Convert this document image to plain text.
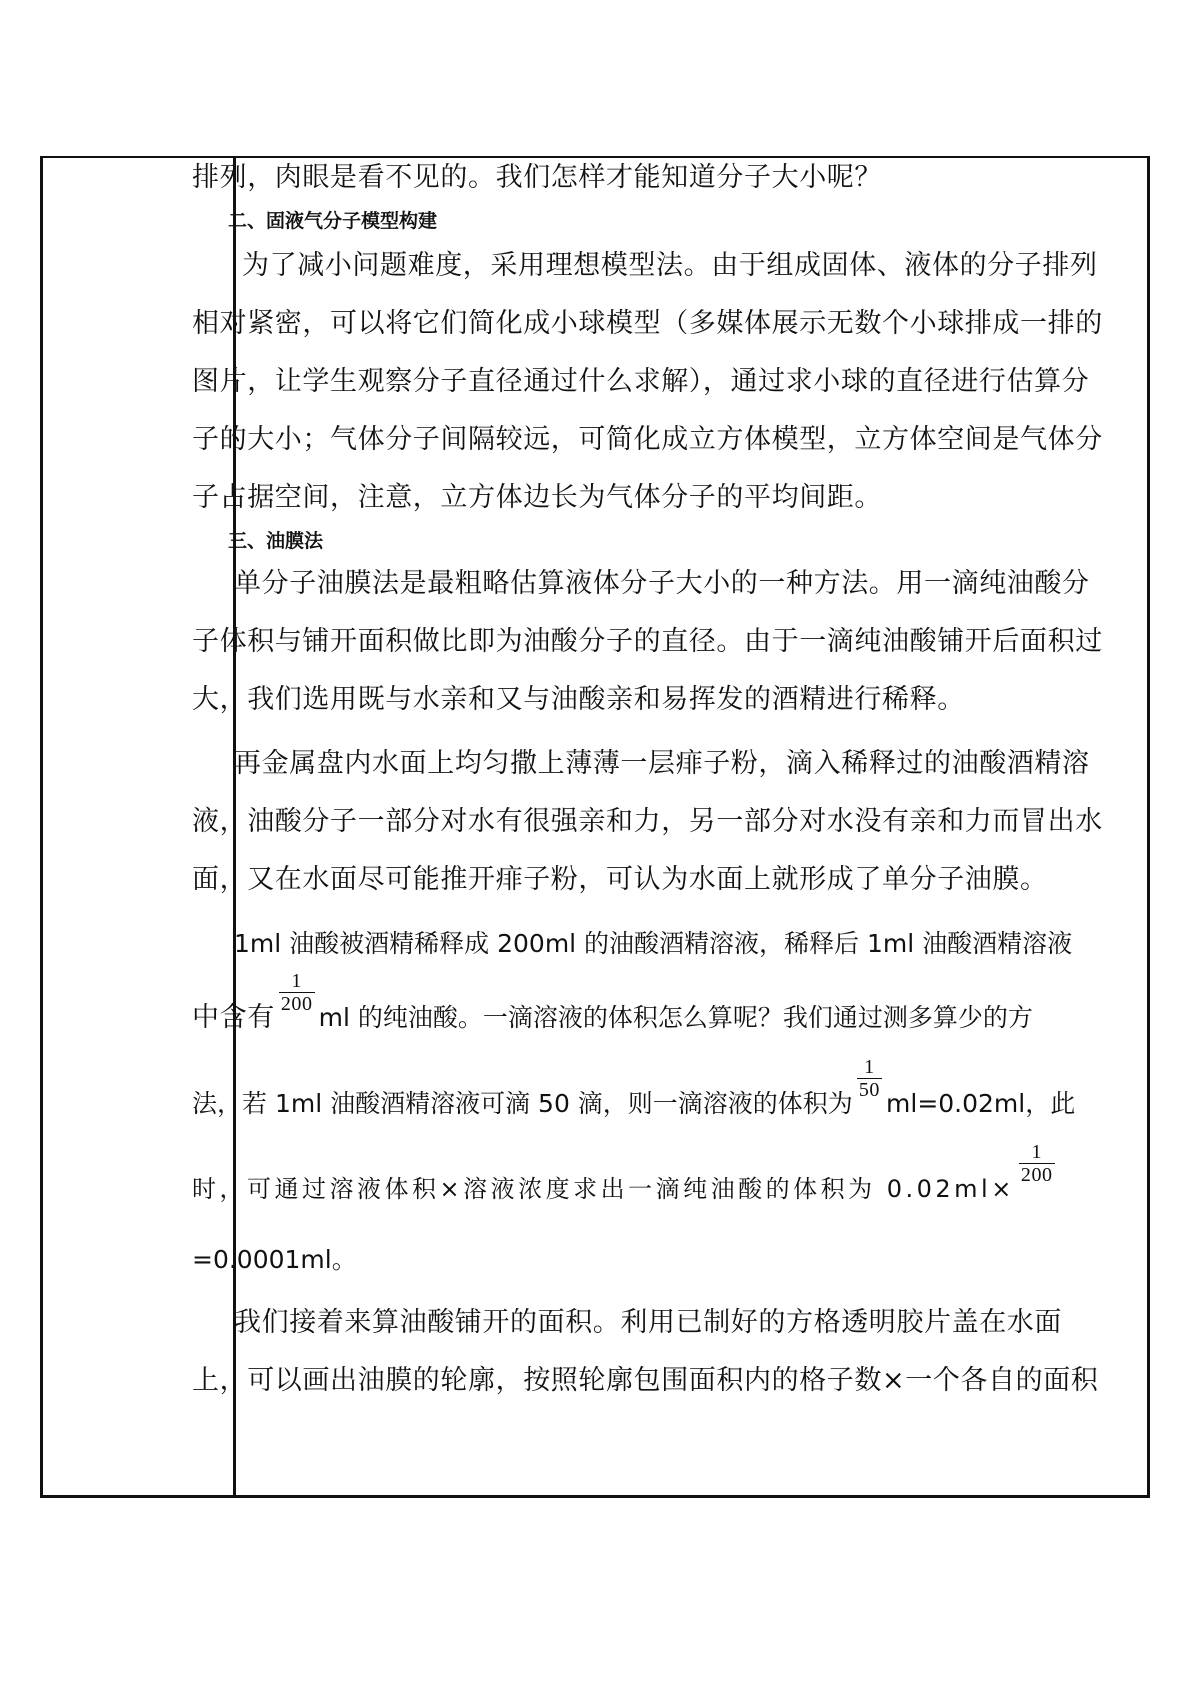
排列，肉眼是看不见的。我们怎样才能知道分子大小呢？
二、固液气分子模型构建
为了减小问题难度，采用理想模型法。由于组成固体、液体的分子排列
相对紧密，可以将它们简化成小球模型（多媒体展示无数个小球排成一排的
图片，让学生观察分子直径通过什么求解），通过求小球的直径进行估算分
子的大小；气体分子间隔较远，可简化成立方体模型，立方体空间是气体分
子占据空间，注意，立方体边长为气体分子的平均间距。
三、油膜法
单分子油膜法是最粗略估算液体分子大小的一种方法。用一滴纯油酸分
子体积与铺开面积做比即为油酸分子的直径。由于一滴纯油酸铺开后面积过
大，我们选用既与水亲和又与油酸亲和易挥发的酒精进行稀释。
再金属盘内水面上均匀撒上薄薄一层痱子粉，滴入稀释过的油酸酒精溶
液，油酸分子一部分对水有很强亲和力，另一部分对水没有亲和力而冒出水
面，又在水面尽可能推开痱子粉，可认为水面上就形成了单分子油膜。
1ml 油酸被酒精稀释成 200ml 的油酸酒精溶液，稀释后 1ml 油酸酒精溶液
中含有
$\frac{1}{200}$
ml 的纯油酸。一滴溶液的体积怎么算呢？我们通过测多算少的方
法，若 1ml 油酸酒精溶液可滴 50 滴，则一滴溶液的体积为
$\frac{1}{50}$
ml=0.02ml，此
时，可通过溶液体积×溶液浓度求出一滴纯油酸的体积为 0.02ml×
$\frac{1}{200}$
=0.0001ml。
我们接着来算油酸铺开的面积。利用已制好的方格透明胶片盖在水面
上，可以画出油膜的轮廓，按照轮廓包围面积内的格子数×一个各自的面积
